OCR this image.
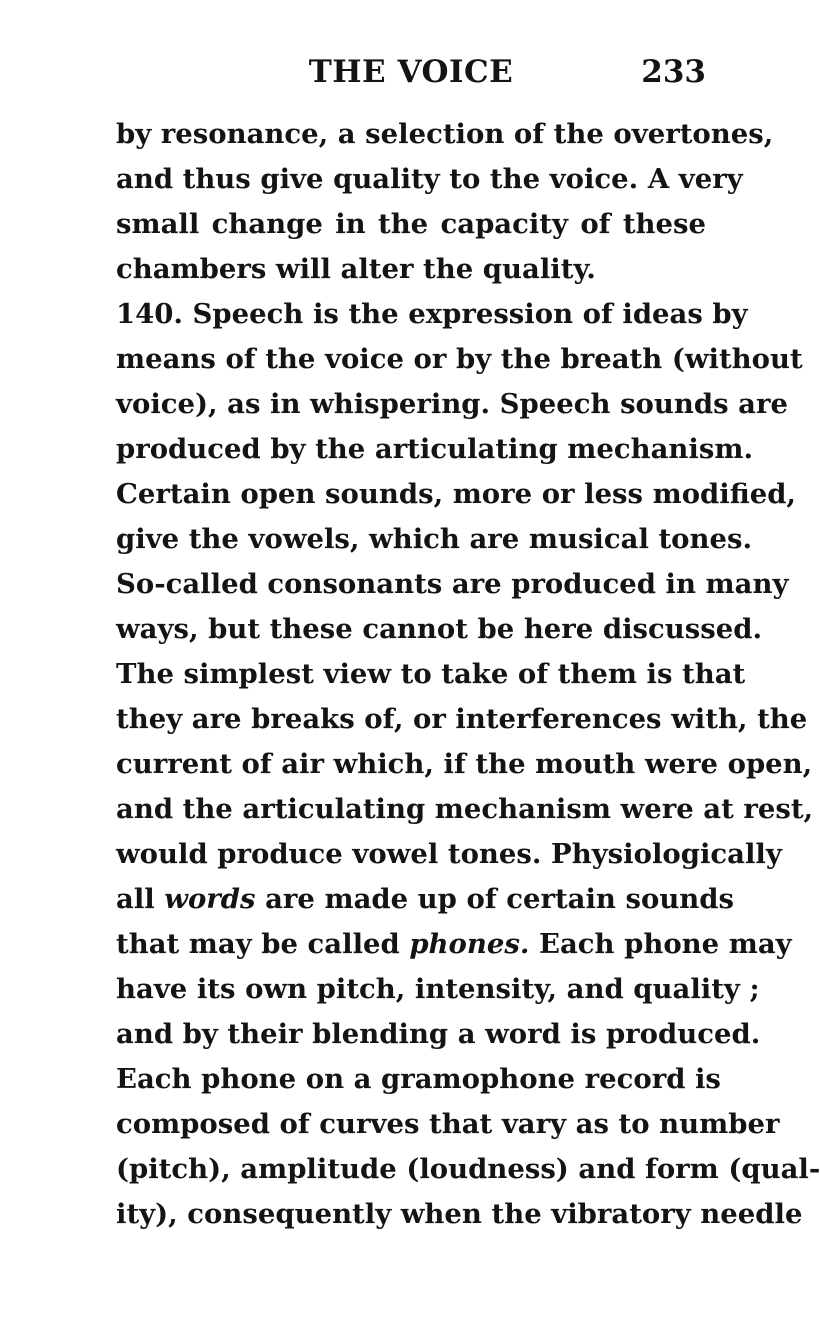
THE VOICE	233
by resonance, a selection of the overtones,
and thus give quality to the voice. A very
small change in the capacity of these
chambers will alter the quality.
140. Speech is the expression of ideas by
means of the voice or by the breath (without
voice), as in whispering. Speech sounds are
produced by the articulating mechanism.
Certain open sounds, more or less modified,
give the vowels, which are musical tones.
So-called consonants are produced in many
ways, but these cannot be here discussed.
The simplest view to take of them is that
they are breaks of, or interferences with, the
current of air which, if the mouth were open,
and the articulating mechanism were at rest,
would produce vowel tones. Physiologically
all words are made up of certain sounds
that may be called phones. Each phone may
have its own pitch, intensity, and quality ;
and by their blending a word is produced.
Each phone on a gramophone record is
composed of curves that vary as to number
(pitch), amplitude (loudness) and form (qual-
ity), consequently when the vibratory needle
